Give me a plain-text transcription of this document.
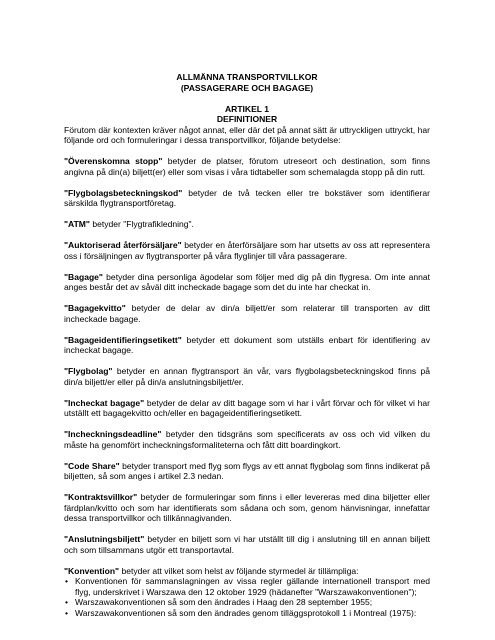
ALLMÄNNA TRANSPORTVILLKOR
(PASSAGERARE OCH BAGAGE)
ARTIKEL 1
DEFINITIONER

Förutom där kontexten kräver något annat, eller där det på annat sätt är uttryckligen uttryckt, har följande ord och formuleringar i dessa transportvillkor, följande betydelse:

"Överenskomna stopp" betyder de platser, förutom utreseort och destination, som finns angivna på din(a) biljett(er) eller som visas i våra tidtabeller som schemalagda stopp på din rutt.

"Flygbolagsbeteckningskod" betyder de två tecken eller tre bokstäver som identifierar särskilda flygtransportföretag.

"ATM" betyder "Flygtrafikledning".

"Auktoriserad återförsäljare" betyder en återförsäljare som har utsetts av oss att representera oss i försäljningen av flygtransporter på våra flyglinjer till våra passagerare.

"Bagage" betyder dina personliga ägodelar som följer med dig på din flygresa. Om inte annat anges består det av såväl ditt incheckade bagage som det du inte har checkat in.

"Bagagekvitto" betyder de delar av din/a biljett/er som relaterar till transporten av ditt incheckade bagage.

"Bagageidentifieringsetikett" betyder ett dokument som utställs enbart för identifiering av incheckat bagage.

"Flygbolag" betyder en annan flygtransport än vår, vars flygbolagsbeteckningskod finns på din/a biljett/er eller på din/a anslutningsbiljett/er.

"Incheckat bagage" betyder de delar av ditt bagage som vi har i vårt förvar och för vilket vi har utställt ett bagagekvitto och/eller en bagageidentifieringsetikett.

"Incheckningsdeadline" betyder den tidsgräns som specificerats av oss och vid vilken du måste ha genomfört incheckningsformaliteterna och fått ditt boardingkort.

"Code Share" betyder transport med flyg som flygs av ett annat flygbolag som finns indikerat på biljetten, så som anges i artikel 2.3 nedan.

"Kontraktsvillkor" betyder de formuleringar som finns i eller levereras med dina biljetter eller färdplan/kvitto och som har identifierats som sådana och som, genom hänvisningar, innefattar dessa transportvillkor och tillkännagivanden.

"Anslutningsbiljett" betyder en biljett som vi har utställt till dig i anslutning till en annan biljett och som tillsammans utgör ett transportavtal.

"Konvention" betyder att vilket som helst av följande styrmedel är tillämpliga:

• Konventionen för sammanslagningen av vissa regler gällande internationell transport med flyg, underskrivet i Warszawa den 12 oktober 1929 (hädanefter "Warszawakonventionen");
• Warszawakonventionen så som den ändrades i Haag den 28 september 1955;
• Warszawakonventionen så som den ändrades genom tilläggsprotokoll 1 i Montreal (1975):
